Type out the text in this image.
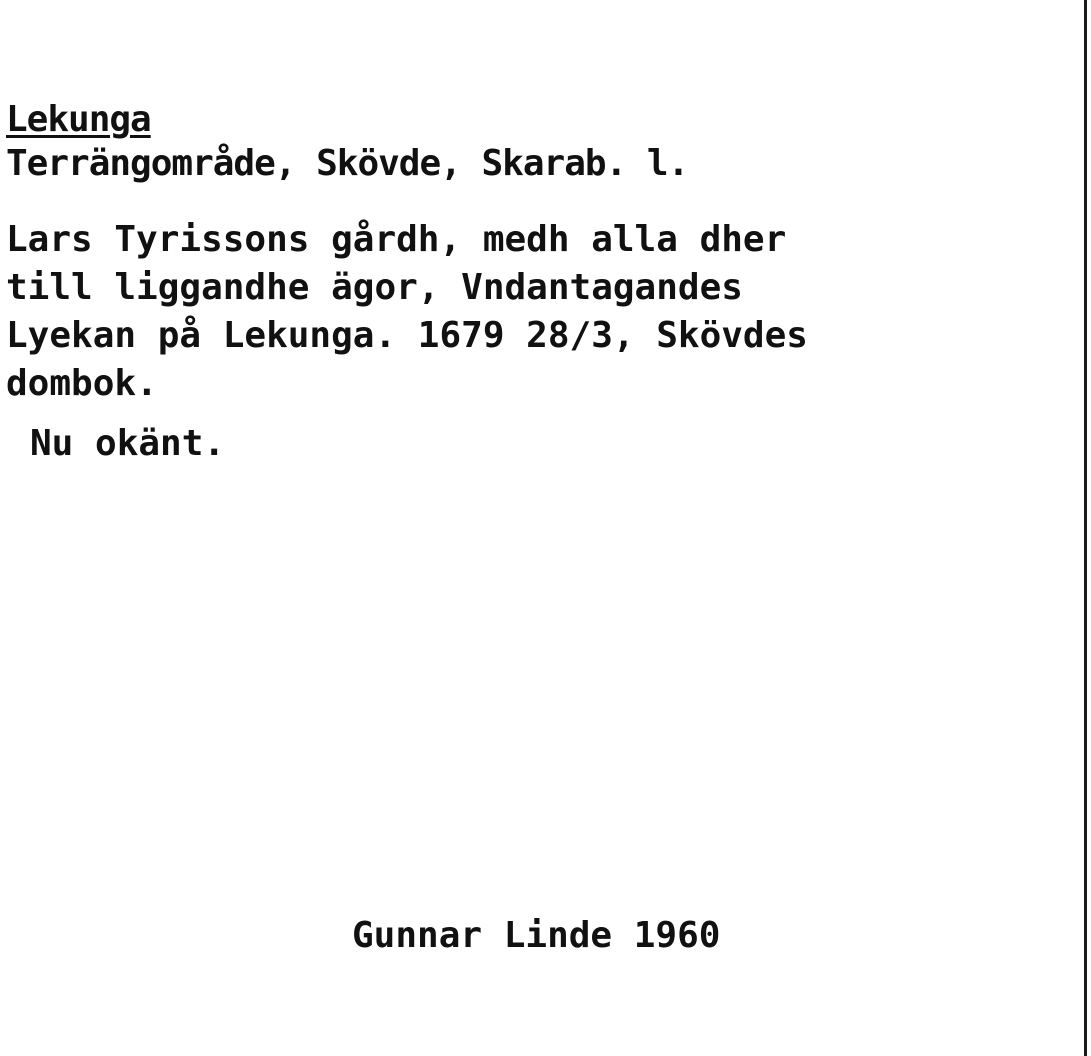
Lekunga
Terrängområde, Skövde, Skarab. l.
Lars Tyrissons gårdh, medh alla dher
till liggandhe ägor, Vndantagandes
Lyekan på Lekunga. 1679 28/3, Skövdes
dombok.
Nu okänt.
Gunnar Linde 1960
